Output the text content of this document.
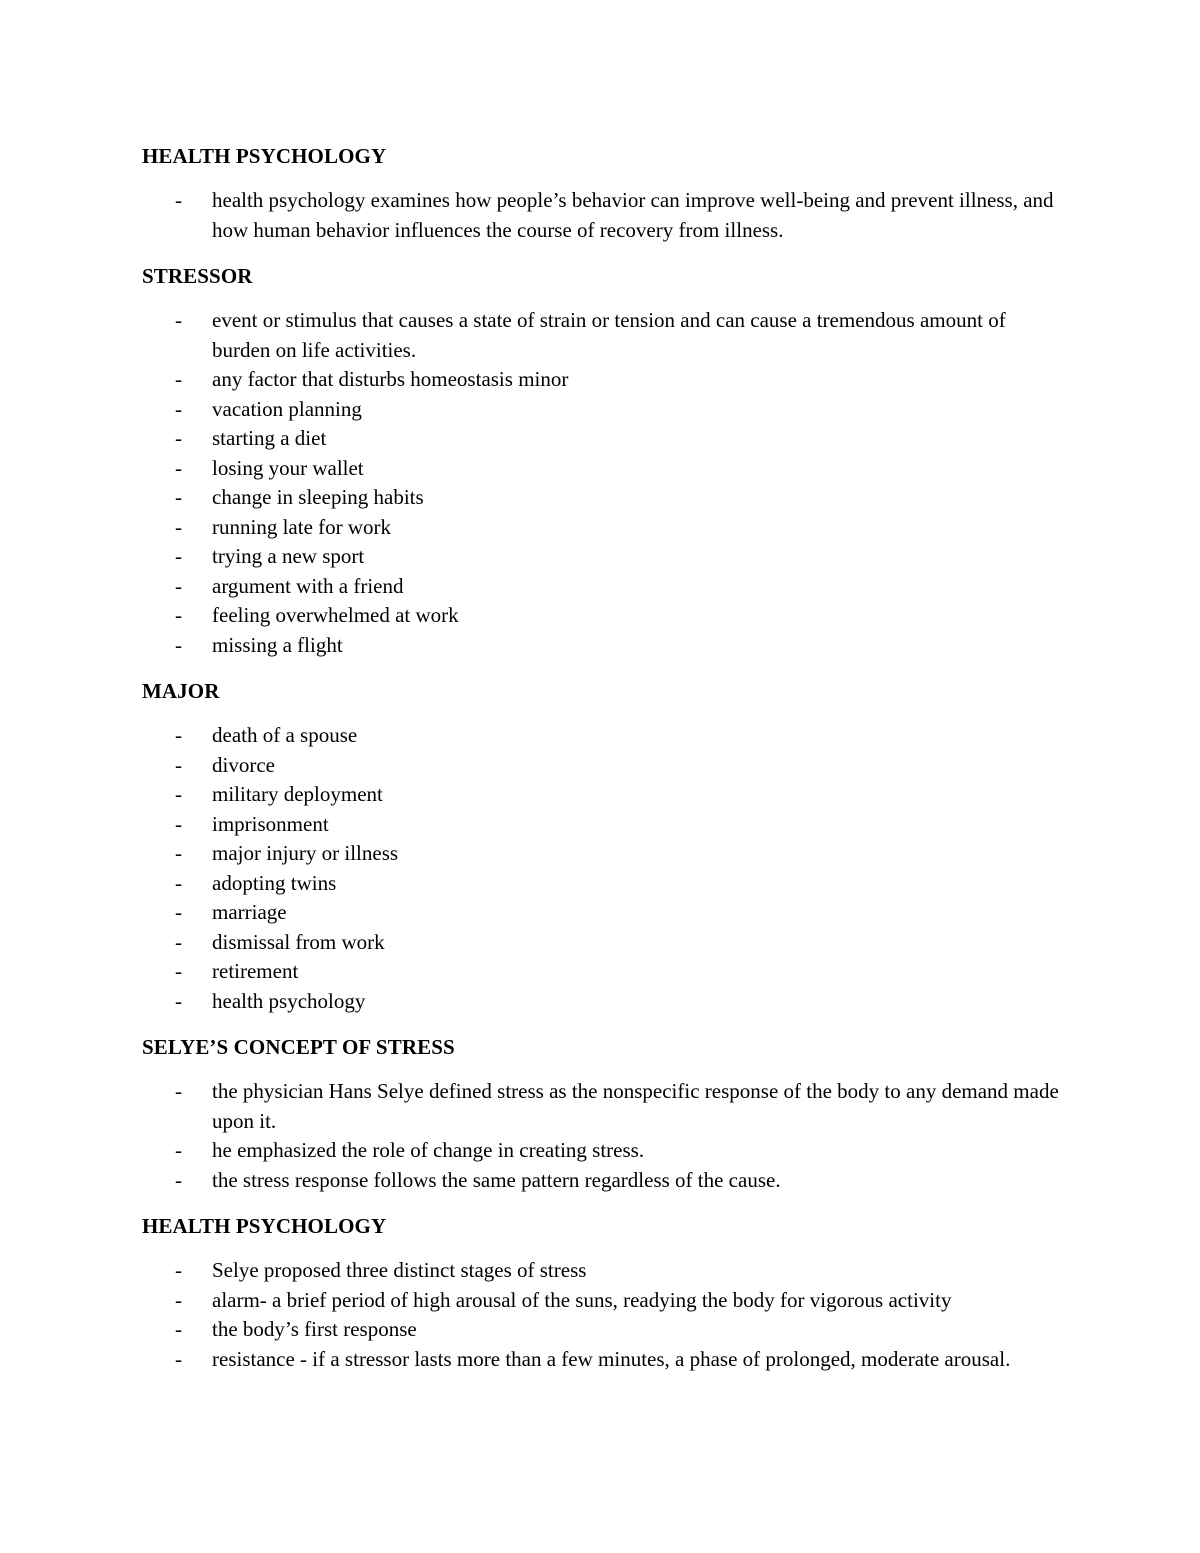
HEALTH PSYCHOLOGY
- health psychology examines how people’s behavior can improve well-being and prevent illness, and how human behavior influences the course of recovery from illness.
STRESSOR
- event or stimulus that causes a state of strain or tension and can cause a tremendous amount of burden on life activities.
- any factor that disturbs homeostasis minor
- vacation planning
- starting a diet
- losing your wallet
- change in sleeping habits
- running late for work
- trying a new sport
- argument with a friend
- feeling overwhelmed at work
- missing a flight
MAJOR
- death of a spouse
- divorce
- military deployment
- imprisonment
- major injury or illness
- adopting twins
- marriage
- dismissal from work
- retirement
- health psychology
SELYE’S CONCEPT OF STRESS
- the physician Hans Selye defined stress as the nonspecific response of the body to any demand made upon it.
- he emphasized the role of change in creating stress.
- the stress response follows the same pattern regardless of the cause.
HEALTH PSYCHOLOGY
- Selye proposed three distinct stages of stress
- alarm- a brief period of high arousal of the suns, readying the body for vigorous activity
- the body’s first response
- resistance - if a stressor lasts more than a few minutes, a phase of prolonged, moderate arousal.
